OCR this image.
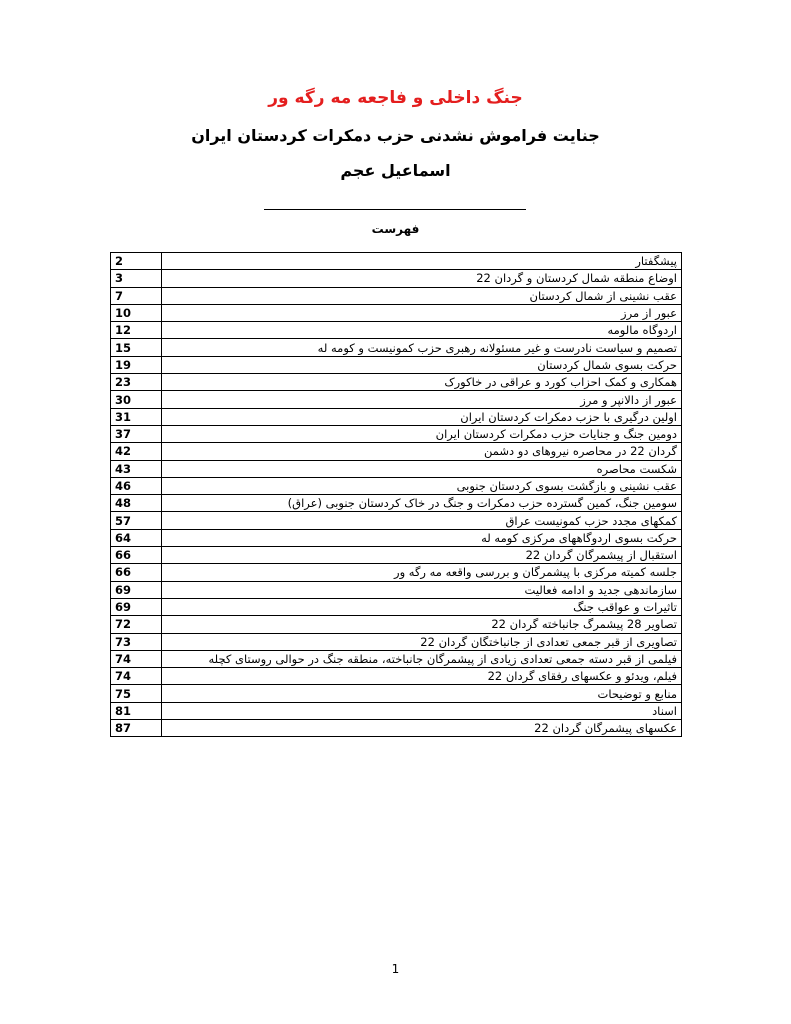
جنگ داخلی و فاجعه مه رگه ور
جنایت فراموش نشدنی حزب دمکرات کردستان ایران
اسماعیل عجم
فهرست
2	پیشگفتار
3	اوضاع منطقه شمال کردستان و گردان 22
7	عقب نشینی از شمال کردستان
10	عبور از مرز
12	اردوگاه مالومه
15	تصمیم و سیاست نادرست و غیر مسئولانه رهبری حزب کمونیست و کومه له
19	حرکت بسوی شمال کردستان
23	همکاری و کمک احزاب کورد و عراقی در خاکورک
30	عبور از دالانپر و مرز
31	اولین درگیری با حزب دمکرات کردستان ایران
37	دومین جنگ و جنایات حزب دمکرات کردستان ایران
42	گردان 22 در محاصره نیروهای دو دشمن
43	شکست محاصره
46	عقب نشینی و بازگشت بسوی کردستان جنوبی
48	سومین جنگ، کمین گسترده حزب دمکرات و جنگ در خاک کردستان جنوبی (عراق)
57	کمکهای مجدد حزب کمونیست عراق
64	حرکت بسوی اردوگاههای مرکزی کومه له
66	استقبال از پیشمرگان گردان 22
66	جلسه کمیته مرکزی با پیشمرگان و بررسی واقعه مه رگه ور
69	سازماندهی جدید و ادامه فعالیت
69	تاثیرات و عواقب جنگ
72	تصاویر 28 پیشمرگ جانباخته گردان 22
73	تصاویری از قبر جمعی تعدادی از جانباختگان گردان 22
74	فیلمی از قبر دسته جمعی تعدادی زیادی از پیشمرگان جانباخته، منطقه جنگ در حوالی روستای کچله
74	فیلم، ویدئو و عکسهای رفقای گردان 22
75	منابع و توضیحات
81	اسناد
87	عکسهای پیشمرگان گردان 22
1
